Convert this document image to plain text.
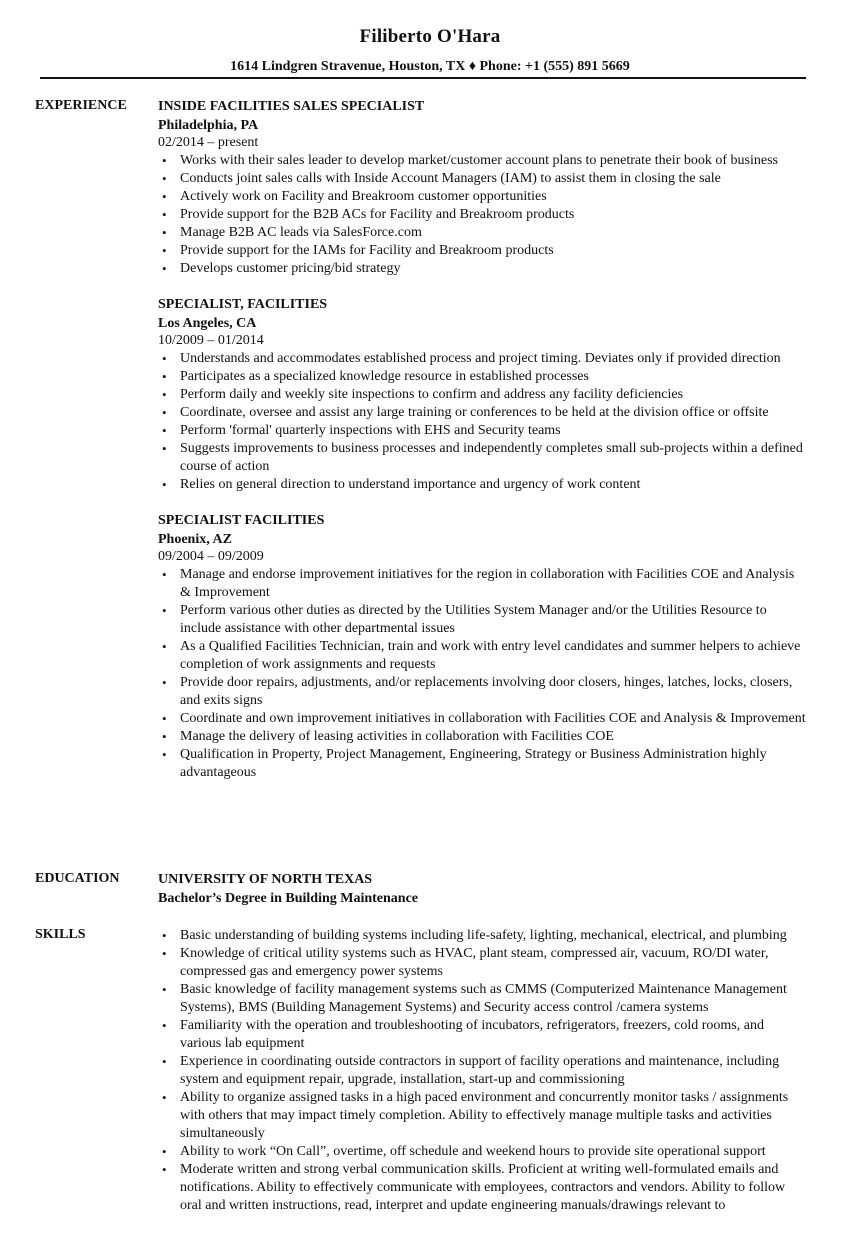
Filiberto O'Hara
1614 Lindgren Stravenue, Houston, TX ♦ Phone: +1 (555) 891 5669
EXPERIENCE INSIDE FACILITIES SALES SPECIALIST
Philadelphia, PA
02/2014 – present
• Works with their sales leader to develop market/customer account plans to penetrate their book of business
• Conducts joint sales calls with Inside Account Managers (IAM) to assist them in closing the sale
• Actively work on Facility and Breakroom customer opportunities
• Provide support for the B2B ACs for Facility and Breakroom products
• Manage B2B AC leads via SalesForce.com
• Provide support for the IAMs for Facility and Breakroom products
• Develops customer pricing/bid strategy
SPECIALIST, FACILITIES
Los Angeles, CA
10/2009 – 01/2014
• Understands and accommodates established process and project timing. Deviates only if provided direction
• Participates as a specialized knowledge resource in established processes
• Perform daily and weekly site inspections to confirm and address any facility deficiencies
• Coordinate, oversee and assist any large training or conferences to be held at the division office or offsite
• Perform 'formal' quarterly inspections with EHS and Security teams
• Suggests improvements to business processes and independently completes small sub-projects within a defined course of action
• Relies on general direction to understand importance and urgency of work content
SPECIALIST FACILITIES
Phoenix, AZ
09/2004 – 09/2009
• Manage and endorse improvement initiatives for the region in collaboration with Facilities COE and Analysis & Improvement
• Perform various other duties as directed by the Utilities System Manager and/or the Utilities Resource to include assistance with other departmental issues
• As a Qualified Facilities Technician, train and work with entry level candidates and summer helpers to achieve completion of work assignments and requests
• Provide door repairs, adjustments, and/or replacements involving door closers, hinges, latches, locks, closers, and exits signs
• Coordinate and own improvement initiatives in collaboration with Facilities COE and Analysis & Improvement
• Manage the delivery of leasing activities in collaboration with Facilities COE
• Qualification in Property, Project Management, Engineering, Strategy or Business Administration highly advantageous
EDUCATION	UNIVERSITY OF NORTH TEXAS
Bachelor’s Degree in Building Maintenance
SKILLS
•	Basic understanding of building systems including life-safety, lighting, mechanical, electrical, and plumbing
• Knowledge of critical utility systems such as HVAC, plant steam, compressed air, vacuum, RO/DI water, compressed gas and emergency power systems
• Basic knowledge of facility management systems such as CMMS (Computerized Maintenance Management Systems), BMS (Building Management Systems) and Security access control /camera systems
• Familiarity with the operation and troubleshooting of incubators, refrigerators, freezers, cold rooms, and various lab equipment
• Experience in coordinating outside contractors in support of facility operations and maintenance, including system and equipment repair, upgrade, installation, start-up and commissioning
• Ability to organize assigned tasks in a high paced environment and concurrently monitor tasks / assignments with others that may impact timely completion. Ability to effectively manage multiple tasks and activities simultaneously
• Ability to work “On Call”, overtime, off schedule and weekend hours to provide site operational support
• Moderate written and strong verbal communication skills. Proficient at writing well-formulated emails and notifications. Ability to effectively communicate with employees, contractors and vendors. Ability to follow oral and written instructions, read, interpret and update engineering manuals/drawings relevant to
